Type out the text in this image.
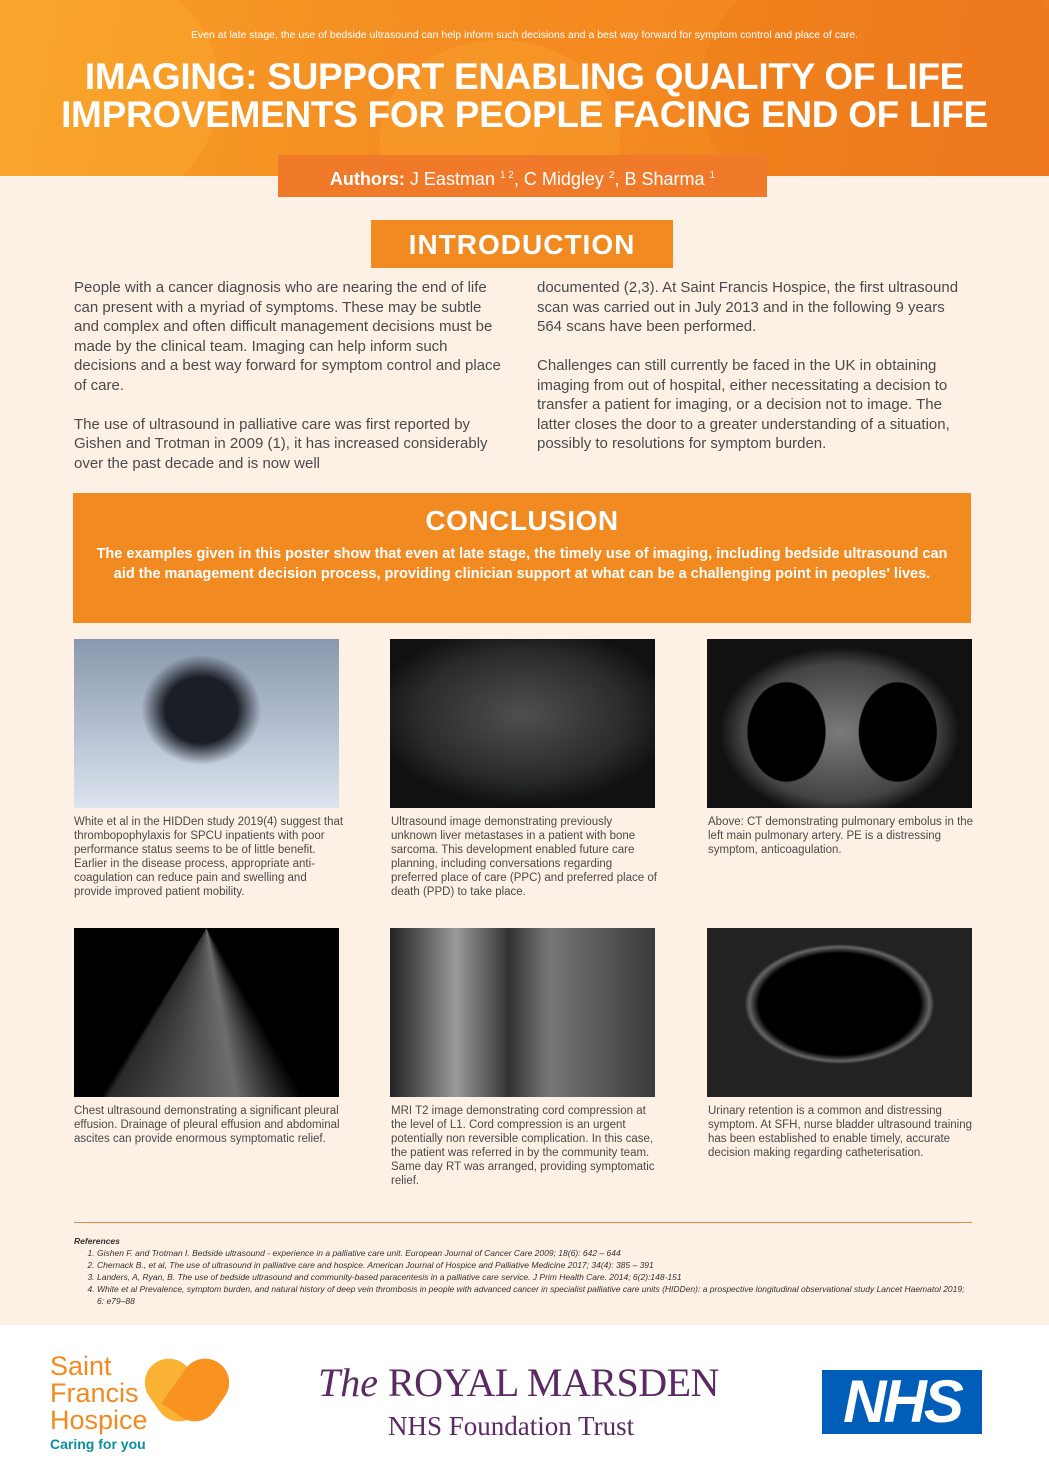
Even at late stage, the use of bedside ultrasound can help inform such decisions and a best way forward for symptom control and place of care.
IMAGING: SUPPORT ENABLING QUALITY OF LIFE
IMPROVEMENTS FOR PEOPLE FACING END OF LIFE
Authors: J Eastman $^{1 2}$, C Midgley $^2$, B Sharma $^1$
INTRODUCTION

People with a cancer diagnosis who are nearing the end of life can present with a myriad of symptoms. These may be subtle and complex and often difficult management decisions must be made by the clinical team. Imaging can help inform such decisions and a best way forward for symptom control and place of care.

The use of ultrasound in palliative care was first reported by Gishen and Trotman in 2009 (1), it has increased considerably over the past decade and is now well

documented (2,3). At Saint Francis Hospice, the first ultrasound scan was carried out in July 2013 and in the following 9 years 564 scans have been performed.

Challenges can still currently be faced in the UK in obtaining imaging from out of hospital, either necessitating a decision to transfer a patient for imaging, or a decision not to image. The latter closes the door to a greater understanding of a situation, possibly to resolutions for symptom burden.

CONCLUSION

The examples given in this poster show that even at late stage, the timely use of imaging, including bedside ultrasound can aid the management decision process, providing clinician support at what can be a challenging point in peoples' lives.

White et al in the HIDDen study 2019(4) suggest that thrombopophylaxis for SPCU inpatients with poor performance status seems to be of little benefit. Earlier in the disease process, appropriate anti-coagulation can reduce pain and swelling and provide improved patient mobility.
Ultrasound image demonstrating previously unknown liver metastases in a patient with bone sarcoma. This development enabled future care planning, including conversations regarding preferred place of care (PPC) and preferred place of death (PPD) to take place.
Above: CT demonstrating pulmonary embolus in the left main pulmonary artery. PE is a distressing symptom, anticoagulation.
Chest ultrasound demonstrating a significant pleural effusion. Drainage of pleural effusion and abdominal ascites can provide enormous symptomatic relief.
MRI T2 image demonstrating cord compression at the level of L1. Cord compression is an urgent potentially non reversible complication. In this case, the patient was referred in by the community team. Same day RT was arranged, providing symptomatic relief.
Urinary retention is a common and distressing symptom. At SFH, nurse bladder ultrasound training has been established to enable timely, accurate decision making regarding catheterisation.
References
1. Gishen F. and Trotman I. Bedside ultrasound - experience in a palliative care unit. European Journal of Cancer Care 2009; 18(6): 642 – 644
2. Chernack B., et al, The use of ultrasound in palliative care and hospice. American Journal of Hospice and Palliative Medicine 2017; 34(4): 385 – 391
3. Landers, A, Ryan, B. The use of bedside ultrasound and community-based paracentesis in a palliative care service. J Prim Health Care. 2014; 6(2):148-151
4. White et al Prevalence, symptom burden, and natural history of deep vein thrombosis in people with advanced cancer in specialist palliative care units (HIDDen): a prospective longitudinal observational study Lancet Haematol 2019; 6: e79–88
Saint
Francis
Hospice
Caring for you
The ROYAL MARSDEN
NHS Foundation Trust	NHS
